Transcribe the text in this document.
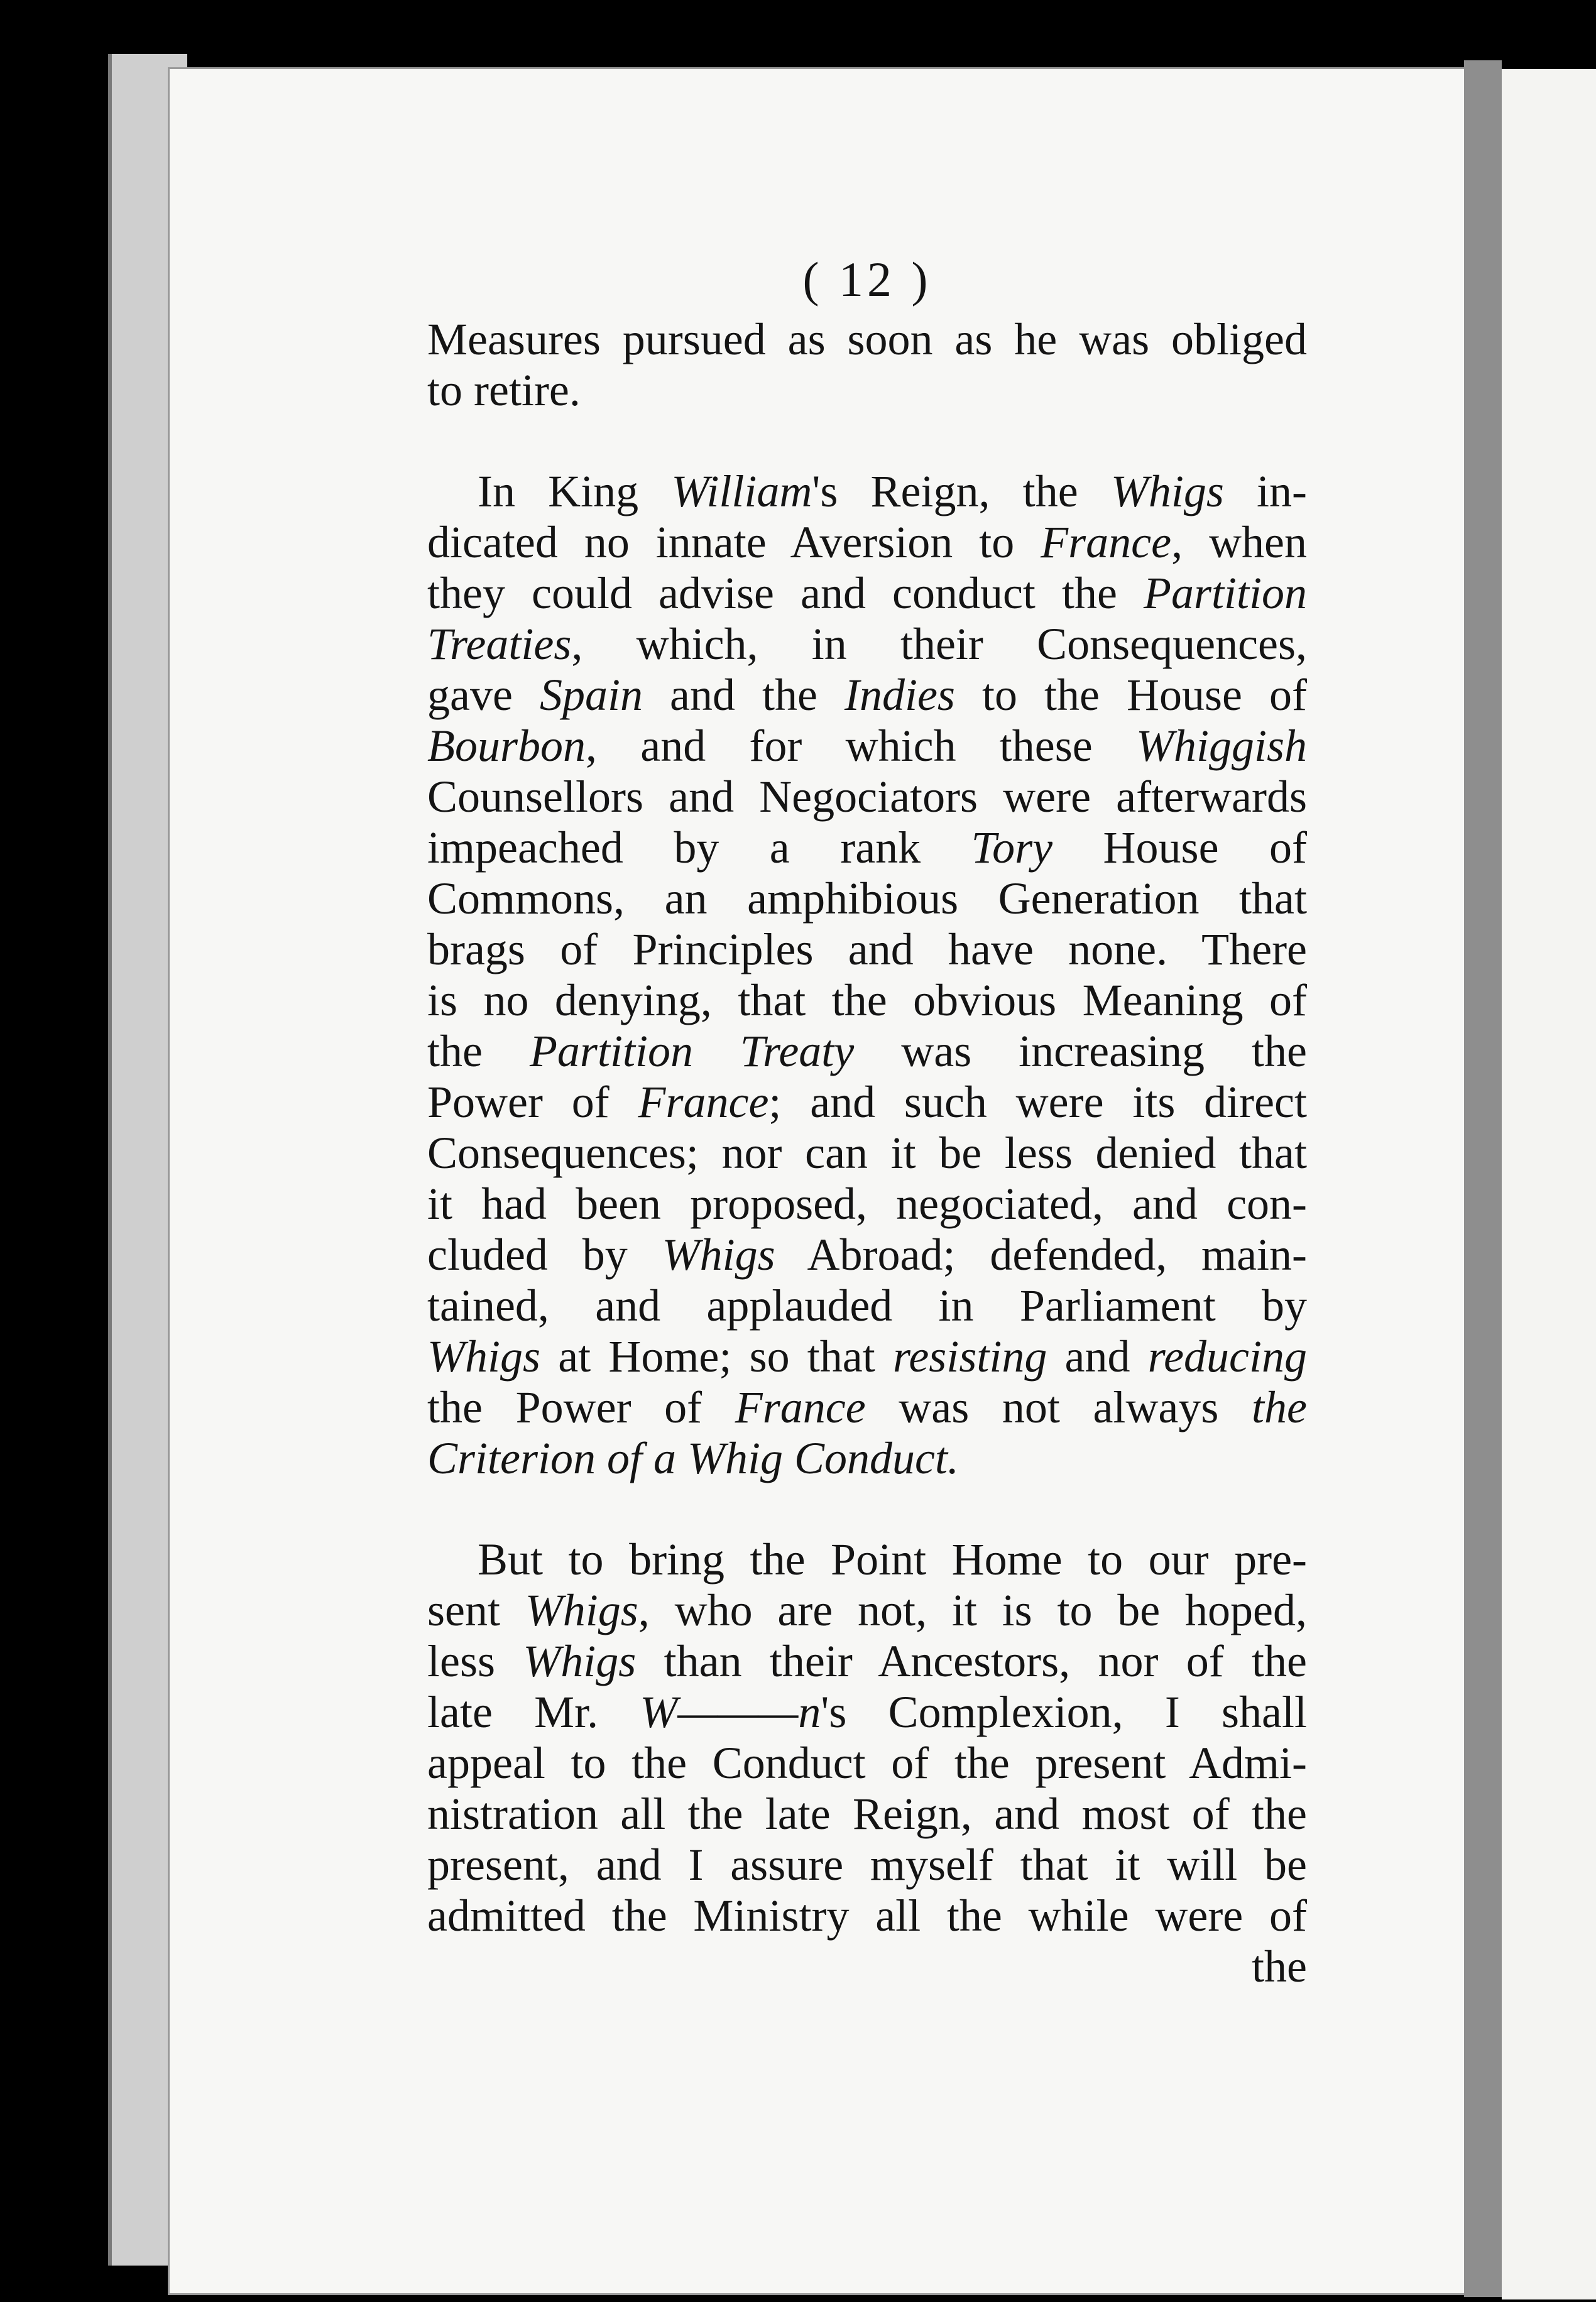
( 12 )
Measures pursued as soon as he was obliged
to retire.
In King William's Reign, the Whigs in-
dicated no innate Aversion to France, when
they could advise and conduct the Partition
Treaties, which, in their Consequences,
gave Spain and the Indies to the House of
Bourbon, and for which these Whiggish
Counsellors and Negociators were afterwards
impeached by a rank Tory House of
Commons, an amphibious Generation that
brags of Principles and have none. There
is no denying, that the obvious Meaning of
the Partition Treaty was increasing the
Power of France; and such were its direct
Consequences; nor can it be less denied that
it had been proposed, negociated, and con-
cluded by Whigs Abroad; defended, main-
tained, and applauded in Parliament by
Whigs at Home; so that resisting and reducing
the Power of France was not always the
Criterion of a Whig Conduct.
But to bring the Point Home to our pre-
sent Whigs, who are not, it is to be hoped,
less Whigs than their Ancestors, nor of the
late Mr. W———n's Complexion, I shall
appeal to the Conduct of the present Admi-
nistration all the late Reign, and most of the
present, and I assure myself that it will be
admitted the Ministry all the while were of
the
